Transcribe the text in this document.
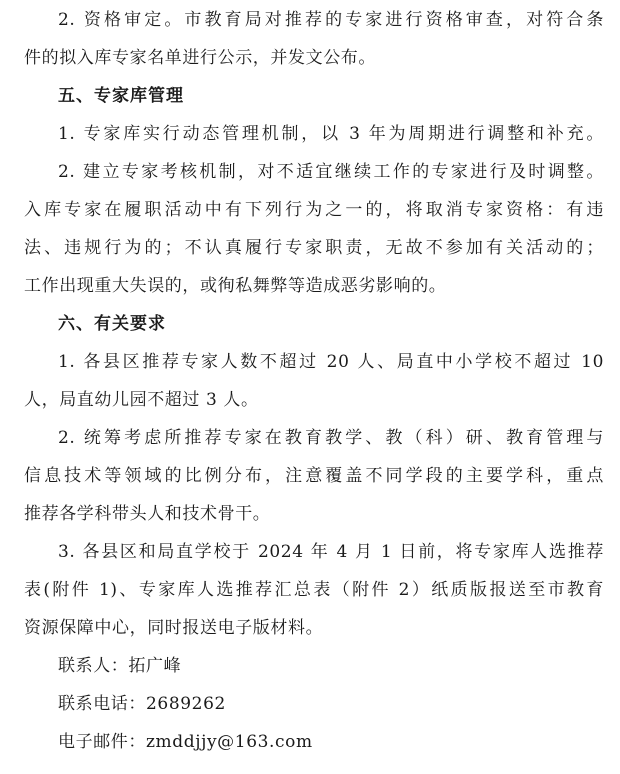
2. 资格审定。市教育局对推荐的专家进行资格审查，对符合条
件的拟入库专家名单进行公示，并发文公布。
五、专家库管理
1. 专家库实行动态管理机制，以 3 年为周期进行调整和补充。
2. 建立专家考核机制，对不适宜继续工作的专家进行及时调整。
入库专家在履职活动中有下列行为之一的，将取消专家资格：有违
法、违规行为的；不认真履行专家职责，无故不参加有关活动的；
工作出现重大失误的，或徇私舞弊等造成恶劣影响的。
六、有关要求
1. 各县区推荐专家人数不超过 20 人、局直中小学校不超过 10
人，局直幼儿园不超过 3 人。
2. 统筹考虑所推荐专家在教育教学、教（科）研、教育管理与
信息技术等领域的比例分布，注意覆盖不同学段的主要学科，重点
推荐各学科带头人和技术骨干。
3. 各县区和局直学校于 2024 年 4 月 1 日前，将专家库人选推荐
表(附件 1)、专家库人选推荐汇总表（附件 2）纸质版报送至市教育
资源保障中心，同时报送电子版材料。
联系人：拓广峰
联系电话：2689262
电子邮件：zmddjjy@163.com
